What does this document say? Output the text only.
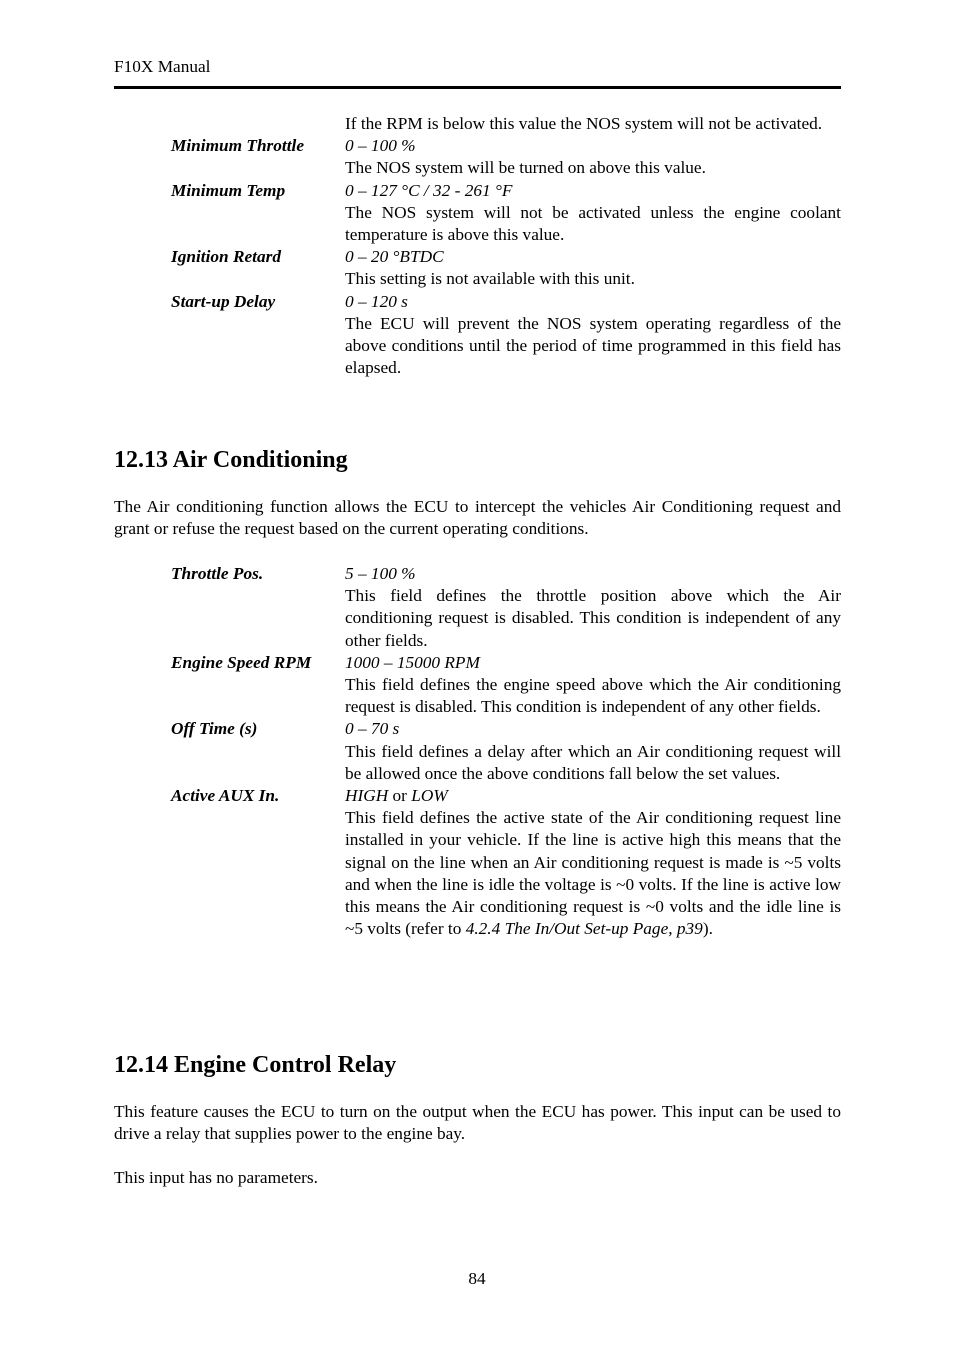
F10X Manual

If the RPM is below this value the NOS system will not be activated.

Minimum Throttle	0 – 100 %

The NOS system will be turned on above this value.

Minimum Temp	0 – 127 °C / 32 - 261 °F

The NOS system will not be activated unless the engine coolant temperature is above this value.

Ignition Retard	0 – 20 °BTDC

This setting is not available with this unit.

Start-up Delay	0 – 120 s

The ECU will prevent the NOS system operating regardless of the above conditions until the period of time programmed in this field has elapsed.

12.13 Air Conditioning

The Air conditioning function allows the ECU to intercept the vehicles Air Conditioning request and grant or refuse the request based on the current operating conditions.

Throttle Pos.	5 – 100 %

This field defines the throttle position above which the Air conditioning request is disabled. This condition is independent of any other fields.

Engine Speed RPM	1000 – 15000 RPM

This field defines the engine speed above which the Air conditioning request is disabled. This condition is independent of any other fields.

Off Time (s)	0 – 70 s

This field defines a delay after which an Air conditioning request will be allowed once the above conditions fall below the set values.

Active AUX In.	HIGH or LOW

This field defines the active state of the Air conditioning request line installed in your vehicle. If the line is active high this means that the signal on the line when an Air conditioning request is made is ~5 volts and when the line is idle the voltage is ~0 volts. If the line is active low this means the Air conditioning request is ~0 volts and the idle line is ~5 volts (refer to 4.2.4 The In/Out Set-up Page, p39).

12.14 Engine Control Relay

This feature causes the ECU to turn on the output when the ECU has power. This input can be used to drive a relay that supplies power to the engine bay.

This input has no parameters.

84
